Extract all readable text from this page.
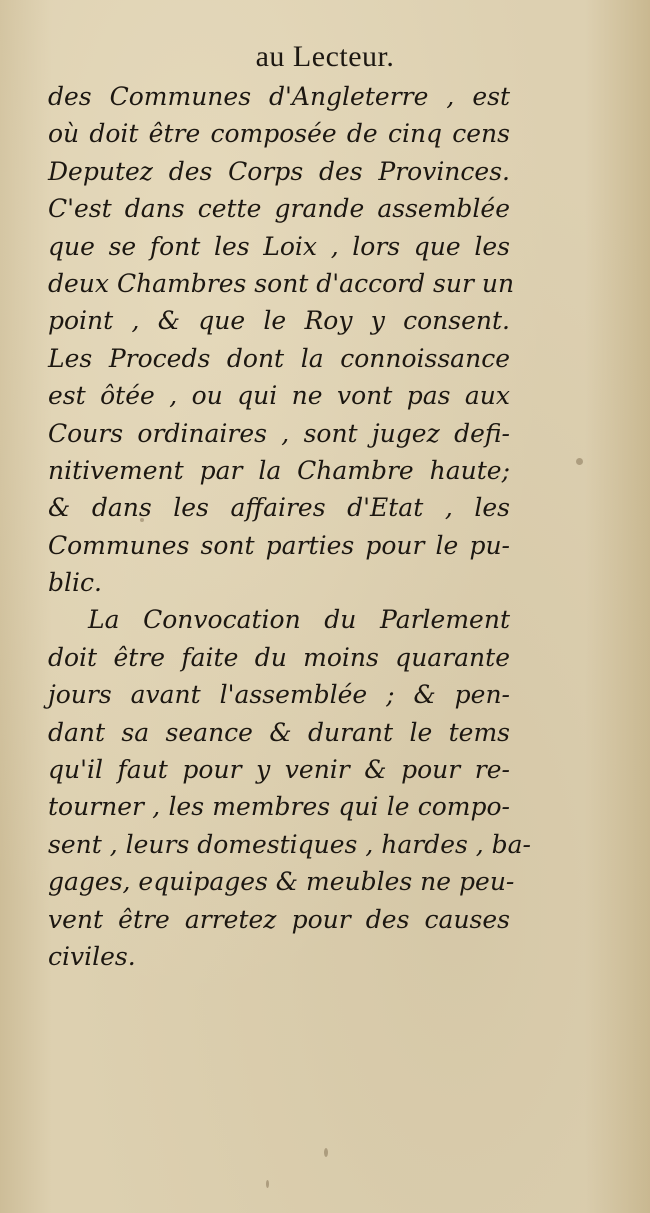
au Lecteur.
des Communes d'Angleterre , est
où doit être composée de cinq cens
Deputez des Corps des Provinces.
C'est dans cette grande assemblée
que se font les Loix , lors que les
deux Chambres sont d'accord sur un
point , & que le Roy y consent.
Les Proceds dont la connoissance
est ôtée , ou qui ne vont pas aux
Cours ordinaires , sont jugez defi-
nitivement par la Chambre haute;
& dans les affaires d'Etat , les
Communes sont parties pour le pu-
blic.
La Convocation du Parlement
doit être faite du moins quarante
jours avant l'assemblée ; & pen-
dant sa seance & durant le tems
qu'il faut pour y venir & pour re-
tourner , les membres qui le compo-
sent , leurs domestiques , hardes , ba-
gages, equipages & meubles ne peu-
vent être arretez pour des causes
civiles.
